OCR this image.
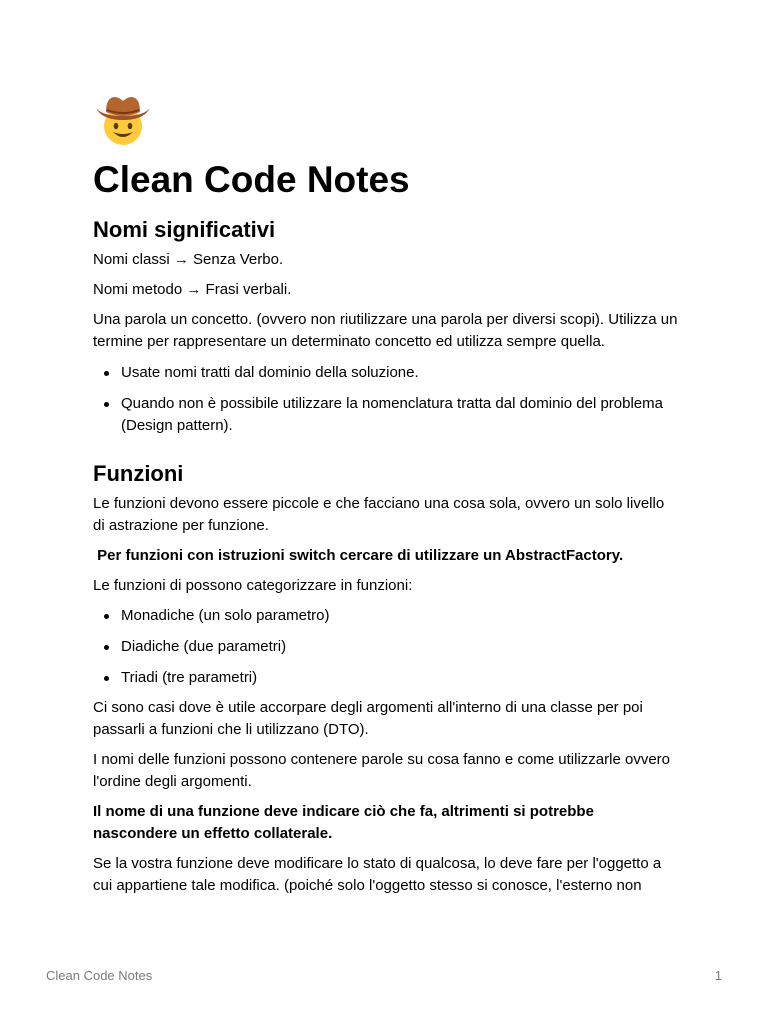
Clean Code Notes
Nomi significativi

Nomi classi → Senza Verbo.

Nomi metodo → Frasi verbali.

Una parola un concetto. (ovvero non riutilizzare una parola per diversi scopi). Utilizza un termine per rappresentare un determinato concetto ed utilizza sempre quella.

Usate nomi tratti dal dominio della soluzione.
Quando non è possibile utilizzare la nomenclatura tratta dal dominio del problema (Design pattern).
Funzioni

Le funzioni devono essere piccole e che facciano una cosa sola, ovvero un solo livello di astrazione per funzione.

Per funzioni con istruzioni switch cercare di utilizzare un AbstractFactory.

Le funzioni di possono categorizzare in funzioni:

Monadiche (un solo parametro)
Diadiche (due parametri)
Triadi (tre parametri)

Ci sono casi dove è utile accorpare degli argomenti all'interno di una classe per poi passarli a funzioni che li utilizzano (DTO).

I nomi delle funzioni possono contenere parole su cosa fanno e come utilizzarle ovvero l'ordine degli argomenti.

Il nome di una funzione deve indicare ciò che fa, altrimenti si potrebbe nascondere un effetto collaterale.

Se la vostra funzione deve modificare lo stato di qualcosa, lo deve fare per l'oggetto a cui appartiene tale modifica. (poiché solo l'oggetto stesso si conosce, l'esterno non

Clean Code Notes	1
